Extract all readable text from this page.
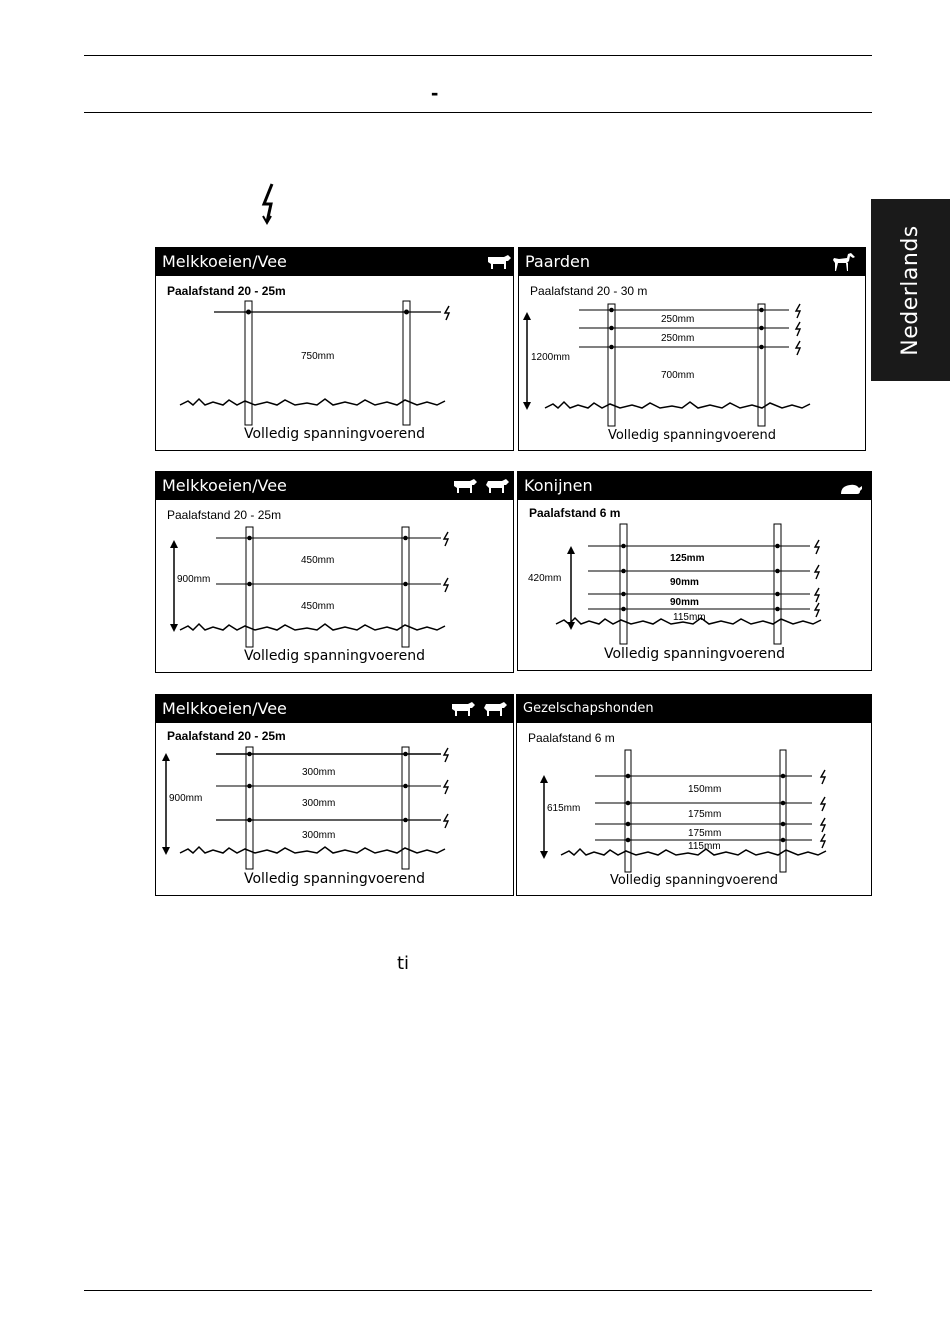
-
Nederlands
Melkkoeien/Vee
Paalafstand 20 - 25m
750mm
Volledig spanningvoerend
Paarden
Paalafstand 20 - 30 m
1200mm
250mm
250mm
700mm
Volledig spanningvoerend
Melkkoeien/Vee
Paalafstand 20 - 25m
900mm
450mm
450mm
Volledig spanningvoerend
Konijnen
Paalafstand 6 m
420mm
125mm
90mm
90mm
115mm
Volledig spanningvoerend
Melkkoeien/Vee
Paalafstand 20 - 25m
900mm
300mm
300mm
300mm
Volledig spanningvoerend
Gezelschapshonden
Paalafstand 6 m
615mm
150mm
175mm
175mm
115mm
Volledig spanningvoerend
ti
